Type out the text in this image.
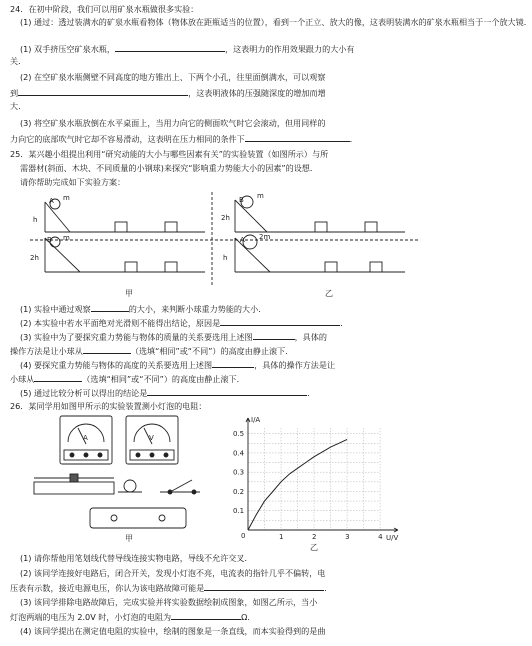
24．在初中阶段，我们可以用矿泉水瓶做很多实验：
(1) 通过：透过装满水的矿泉水瓶看物体（物体放在距瓶适当的位置），看到一个正立、放大的像，这表明装满水的矿泉水瓶相当于一个放大镜．
(1) 双手挤压空矿泉水瓶，	，这表明力的作用效果跟力的大小有
关．
(2) 在空矿泉水瓶侧壁不同高度的地方锥出上、下两个小孔，往里面倒满水，可以观察
到	，这表明液体的压强随深度的增加而增
大．
(3) 将空矿泉水瓶放倒在水平桌面上，当用力向它的侧面吹气时它会滚动，但用同样的
力向它的底部吹气时它却不容易滑动，这表明在压力相同的条件下	．
25．某兴趣小组提出利用“研究动能的大小与哪些因素有关”的实验装置（如图所示）与所
需器材(斜面、木块、不同质量的小钢球)来探究“影响重力势能大小的因素”的设想．
请你帮助完成如下实验方案：
A m
h
B m
2h
B m
2h
A 2m
h
甲	乙
(1) 实验中通过观察	的大小，来判断小球重力势能的大小．
(2) 本实验中若水平面绝对光滑则不能得出结论，原因是	．
(3) 实验中为了要探究重力势能与物体的质量的关系要选用上述图	，具体的
操作方法是让小球从	（选填“相同”或“不同”）的高度由静止滚下．
(4) 要探究重力势能与物体的高度的关系要选用上述图	，具体的操作方法是让
小球从	（选填“相同”或“不同”）的高度由静止滚下．
(5) 通过比较分析可以得出的结论是	．
26．某同学用如图甲所示的实验装置测小灯泡的电阻：
A	V
甲	1	2	3	4
0.1
0.2
0.3
0.4
0.5
I/A
U/V
0
乙
(1) 请你帮他用笔划线代替导线连接实物电路，导线不允许交叉．
(2) 该同学连接好电路后，闭合开关，发现小灯泡不亮，电流表的指针几乎不偏转，电
压表有示数，接近电源电压，你认为该电路故障可能是	．
(3) 该同学排除电路故障后，完成实验并将实验数据绘制成图象，如图乙所示，当小
灯泡两端的电压为 2.0V 时，小灯泡的电阻为	Ω．
(4) 该同学提出在测定值电阻的实验中，绘制的图象是一条直线，而本实验得到的是曲
